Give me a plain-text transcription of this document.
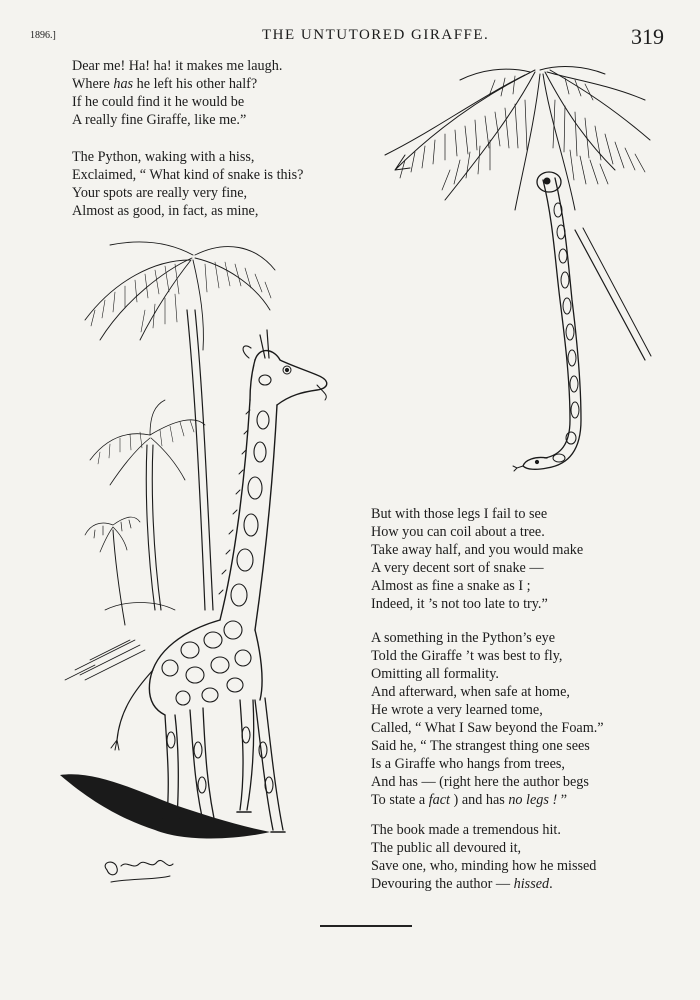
1896.]	THE UNTUTORED GIRAFFE.	319
Dear me! Ha! ha! it makes me laugh.
Where has he left his other half?
If he could find it he would be
A really fine Giraffe, like me.”
The Python, waking with a hiss,
Exclaimed, “ What kind of snake is this?
Your spots are really very fine,
Almost as good, in fact, as mine,
But with those legs I fail to see
How you can coil about a tree.
Take away half, and you would make
A very decent sort of snake —
Almost as fine a snake as I ;
Indeed, it ’s not too late to try.”
A something in the Python’s eye
Told the Giraffe ’t was best to fly,
Omitting all formality.
And afterward, when safe at home,
He wrote a very learned tome,
Called, “ What I Saw beyond the Foam.”
Said he, “ The strangest thing one sees
Is a Giraffe who hangs from trees,
And has — (right here the author begs
To state a fact ) and has no legs ! ”
The book made a tremendous hit.
The public all devoured it,
Save one, who, minding how he missed
Devouring the author — hissed.
